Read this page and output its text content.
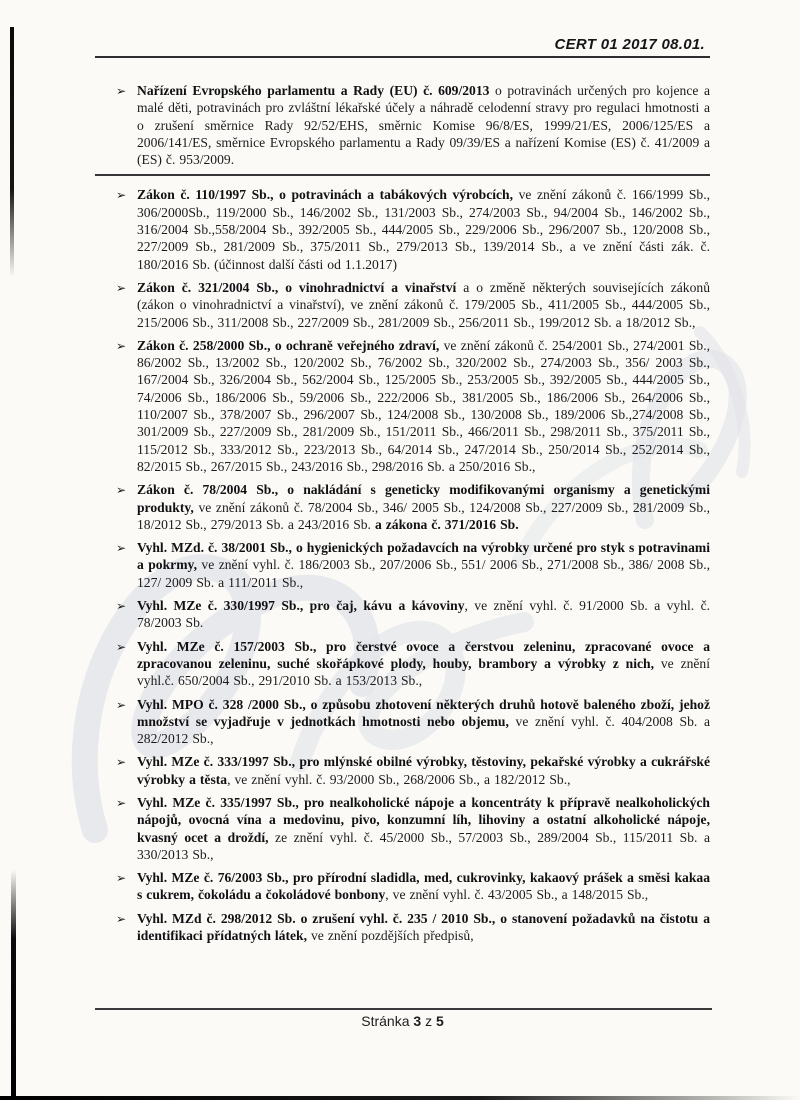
CERT 01 2017 08.01.
➢ Nařízení Evropského parlamentu a Rady (EU) č. 609/2013 o potravinách určených pro kojence a malé děti, potravinách pro zvláštní lékařské účely a náhradě celodenní stravy pro regulaci hmotnosti a o zrušení směrnice Rady 92/52/EHS, směrnic Komise 96/8/ES, 1999/21/ES, 2006/125/ES a 2006/141/ES, směrnice Evropského parlamentu a Rady 09/39/ES a nařízení Komise (ES) č. 41/2009 a (ES) č. 953/2009.

➢ Zákon č. 110/1997 Sb., o potravinách a tabákových výrobcích, ve znění zákonů č. 166/1999 Sb., 306/2000Sb., 119/2000 Sb., 146/2002 Sb., 131/2003 Sb., 274/2003 Sb., 94/2004 Sb., 146/2002 Sb., 316/2004 Sb.,558/2004 Sb., 392/2005 Sb., 444/2005 Sb., 229/2006 Sb., 296/2007 Sb., 120/2008 Sb., 227/2009 Sb., 281/2009 Sb., 375/2011 Sb., 279/2013 Sb., 139/2014 Sb., a ve znění části zák. č. 180/2016 Sb. (účinnost další části od 1.1.2017)

➢ Zákon č. 321/2004 Sb., o vinohradnictví a vinařství a o změně některých souvisejících zákonů (zákon o vinohradnictví a vinařství), ve znění zákonů č. 179/2005 Sb., 411/2005 Sb., 444/2005 Sb., 215/2006 Sb., 311/2008 Sb., 227/2009 Sb., 281/2009 Sb., 256/2011 Sb., 199/2012 Sb. a 18/2012 Sb.,

➢ Zákon č. 258/2000 Sb., o ochraně veřejného zdraví, ve znění zákonů č. 254/2001 Sb., 274/2001 Sb., 86/2002 Sb., 13/2002 Sb., 120/2002 Sb., 76/2002 Sb., 320/2002 Sb., 274/2003 Sb., 356/ 2003 Sb., 167/2004 Sb., 326/2004 Sb., 562/2004 Sb., 125/2005 Sb., 253/2005 Sb., 392/2005 Sb., 444/2005 Sb., 74/2006 Sb., 186/2006 Sb., 59/2006 Sb., 222/2006 Sb., 381/2005 Sb., 186/2006 Sb., 264/2006 Sb., 110/2007 Sb., 378/2007 Sb., 296/2007 Sb., 124/2008 Sb., 130/2008 Sb., 189/2006 Sb.,274/2008 Sb., 301/2009 Sb., 227/2009 Sb., 281/2009 Sb., 151/2011 Sb., 466/2011 Sb., 298/2011 Sb., 375/2011 Sb., 115/2012 Sb., 333/2012 Sb., 223/2013 Sb., 64/2014 Sb., 247/2014 Sb., 250/2014 Sb., 252/2014 Sb., 82/2015 Sb., 267/2015 Sb., 243/2016 Sb., 298/2016 Sb. a 250/2016 Sb.,

➢ Zákon č. 78/2004 Sb., o nakládání s geneticky modifikovanými organismy a genetickými produkty, ve znění zákonů č. 78/2004 Sb., 346/ 2005 Sb., 124/2008 Sb., 227/2009 Sb., 281/2009 Sb., 18/2012 Sb., 279/2013 Sb. a 243/2016 Sb. a zákona č. 371/2016 Sb.

➢ Vyhl. MZd. č. 38/2001 Sb., o hygienických požadavcích na výrobky určené pro styk s potravinami a pokrmy, ve znění vyhl. č. 186/2003 Sb., 207/2006 Sb., 551/ 2006 Sb., 271/2008 Sb., 386/ 2008 Sb., 127/ 2009 Sb. a 111/2011 Sb.,

➢ Vyhl. MZe č. 330/1997 Sb., pro čaj, kávu a kávoviny, ve znění vyhl. č. 91/2000 Sb. a vyhl. č. 78/2003 Sb.

➢ Vyhl. MZe č. 157/2003 Sb., pro čerstvé ovoce a čerstvou zeleninu, zpracované ovoce a zpracovanou zeleninu, suché skořápkové plody, houby, brambory a výrobky z nich, ve znění vyhl.č. 650/2004 Sb., 291/2010 Sb. a 153/2013 Sb.,

➢ Vyhl. MPO č. 328 /2000 Sb., o způsobu zhotovení některých druhů hotově baleného zboží, jehož množství se vyjadřuje v jednotkách hmotnosti nebo objemu, ve znění vyhl. č. 404/2008 Sb. a 282/2012 Sb.,

➢ Vyhl. MZe č. 333/1997 Sb., pro mlýnské obilné výrobky, těstoviny, pekařské výrobky a cukrářské výrobky a těsta, ve znění vyhl. č. 93/2000 Sb., 268/2006 Sb., a 182/2012 Sb.,

➢ Vyhl. MZe č. 335/1997 Sb., pro nealkoholické nápoje a koncentráty k přípravě nealkoholických nápojů, ovocná vína a medovinu, pivo, konzumní líh, lihoviny a ostatní alkoholické nápoje, kvasný ocet a droždí, ze znění vyhl. č. 45/2000 Sb., 57/2003 Sb., 289/2004 Sb., 115/2011 Sb. a 330/2013 Sb.,

➢ Vyhl. MZe č. 76/2003 Sb., pro přírodní sladidla, med, cukrovinky, kakaový prášek a směsi kakaa s cukrem, čokoládu a čokoládové bonbony, ve znění vyhl. č. 43/2005 Sb., a 148/2015 Sb.,

➢ Vyhl. MZd č. 298/2012 Sb. o zrušení vyhl. č. 235 / 2010 Sb., o stanovení požadavků na čistotu a identifikaci přídatných látek, ve znění pozdějších předpisů,

Stránka 3 z 5
